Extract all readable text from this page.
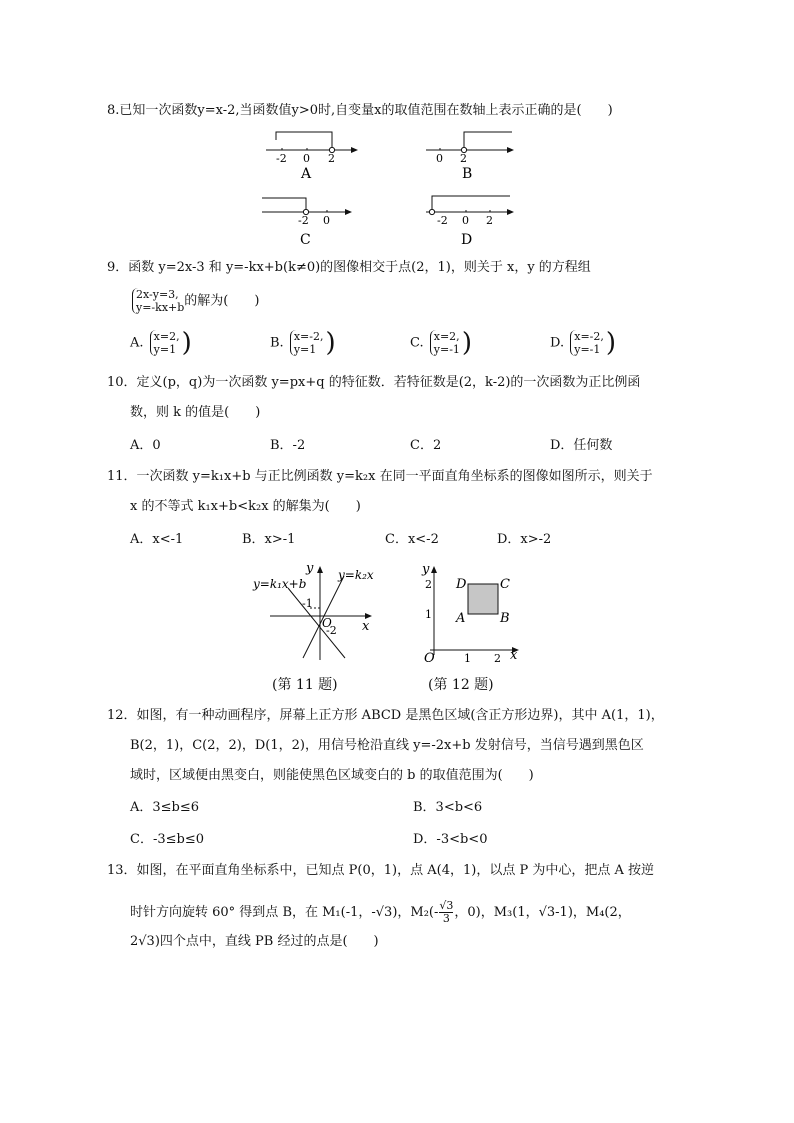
8.已知一次函数y=x-2,当函数值y>0时,自变量x的取值范围在数轴上表示正确的是(　　)
-2 0 2
A
0 2
B
-2 0
C
-2 0 2
D
9．函数 y=2x-3 和 y=-kx+b(k≠0)的图像相交于点(2，1)，则关于 x，y 的方程组
2x-y=3,
y=-kx+b的解为(　　)
A. x=2,
y=1 )	B. x=-2,
y=1 )	C. x=2,
y=-1)	D. x=-2,
y=-1 )
10．定义(p，q)为一次函数 y=px+q 的特征数．若特征数是(2，k-2)的一次函数为正比例函
数，则 k 的值是(　　)
A．0	B．-2	C．2	D．任何数
11．一次函数 y=k₁x+b 与正比例函数 y=k₂x 在同一平面直角坐标系的图像如图所示，则关于
x 的不等式 k₁x+b<k₂x 的解集为(　　)
A．x<-1	B．x>-1	C．x<-2	D．x>-2
y
x
O
y=k₁x+b
y=k₂x
-1
-2
(第 11 题)
y
x
O	1 2
1
2
A	B
C
D
(第 12 题)
12．如图，有一种动画程序，屏幕上正方形 ABCD 是黑色区域(含正方形边界)，其中 A(1，1)，
B(2，1)，C(2，2)，D(1，2)，用信号枪沿直线 y=-2x+b 发射信号，当信号遇到黑色区
域时，区域便由黑变白，则能使黑色区域变白的 b 的取值范围为(　　)
A．3≤b≤6	B．3<b<6
C．-3≤b≤0	D．-3<b<0
13．如图，在平面直角坐标系中，已知点 P(0，1)，点 A(4，1)，以点 P 为中心，把点 A 按逆
时针方向旋转 60° 得到点 B，在 M₁(-1，-√3)，$M_2(- \frac{√3}{3}$ ，0)，M₃(1，√3-1)，M₄(2，
2√3)四个点中，直线 PB 经过的点是(　　)
